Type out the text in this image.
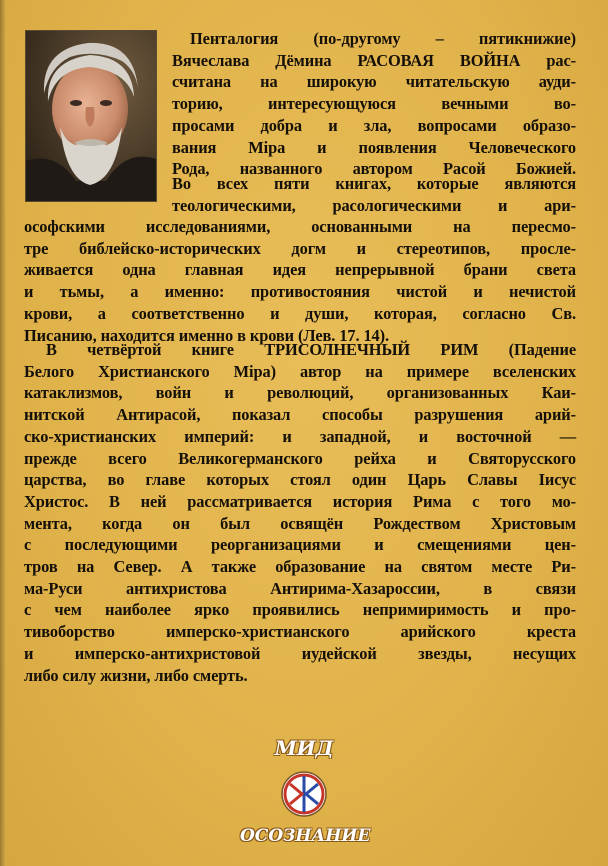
Пенталогия (по-другому – пятикнижие)
Вячеслава Дёмина РАСОВАЯ ВОЙНА рас-
считана на широкую читательскую ауди-
торию, интересующуюся вечными во-
просами добра и зла, вопросами образо-
вания Міра и появления Человеческого
Рода, названного автором Расой Божией.
Во всех пяти книгах, которые являются
теологическими, расологическими и ари-
ософскими исследованиями, основанными на пересмо-
тре библейско-исторических догм и стереотипов, просле-
живается одна главная идея непрерывной брани света
и тьмы, а именно: противостояния чистой и нечистой
крови, а соответственно и души, которая, согласно Св.
Писанию, находится именно в крови (Лев. 17. 14).
В четвёртой книге ТРИСОЛНЕЧНЫЙ РИМ (Падение
Белого Христианского Міра) автор на примере вселенских
катаклизмов, войн и революций, организованных Каи-
нитской Антирасой, показал способы разрушения арий-
ско-христианских империй: и западной, и восточной —
прежде всего Великогерманского рейха и Святорусского
царства, во главе которых стоял один Царь Славы Іисус
Христос. В ней рассматривается история Рима с того мо-
мента, когда он был освящён Рождеством Христовым
с последующими реорганизациями и смещениями цен-
тров на Север. А также образование на святом месте Ри-
ма-Руси антихристова Антирима-Хазароссии, в связи
с чем наиболее ярко проявились непримиримость и про-
тивоборство имперско-христианского арийского креста
и имперско-антихристовой иудейской звезды, несущих
либо силу жизни, либо смерть.
МИД
ОСОЗНАНИЕ
